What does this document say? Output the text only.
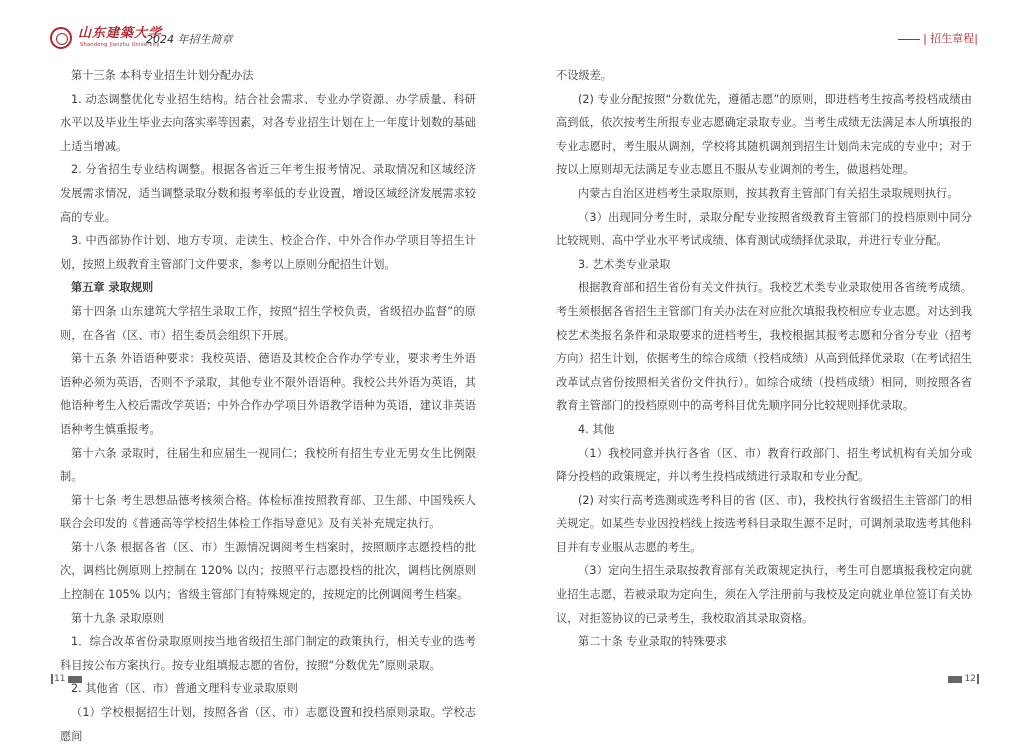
山东建築大学
Shandong Jianzhu University
2024 年招生简章	| 招生章程|

第十三条 本科专业招生计划分配办法

1. 动态调整优化专业招生结构。结合社会需求、专业办学资源、办学质量、科研水平以及毕业生毕业去向落实率等因素，对各专业招生计划在上一年度计划数的基础上适当增减。

2. 分省招生专业结构调整。根据各省近三年考生报考情况、录取情况和区域经济发展需求情况，适当调整录取分数和报考率低的专业设置，增设区域经济发展需求较高的专业。

3. 中西部协作计划、地方专项、走读生、校企合作、中外合作办学项目等招生计划，按照上级教育主管部门文件要求，参考以上原则分配招生计划。

第五章 录取规则

第十四条 山东建筑大学招生录取工作，按照“招生学校负责，省级招办监督”的原则，在各省（区、市）招生委员会组织下开展。

第十五条 外语语种要求：我校英语、德语及其校企合作办学专业，要求考生外语语种必须为英语，否则不予录取，其他专业不限外语语种。我校公共外语为英语，其他语种考生入校后需改学英语；中外合作办学项目外语教学语种为英语，建议非英语语种考生慎重报考。

第十六条 录取时，往届生和应届生一视同仁；我校所有招生专业无男女生比例限制。

第十七条 考生思想品德考核须合格。体检标准按照教育部、卫生部、中国残疾人联合会印发的《普通高等学校招生体检工作指导意见》及有关补充规定执行。

第十八条 根据各省（区、市）生源情况调阅考生档案时，按照顺序志愿投档的批次，调档比例原则上控制在 120% 以内；按照平行志愿投档的批次，调档比例原则上控制在 105% 以内；省级主管部门有特殊规定的，按规定的比例调阅考生档案。

第十九条 录取原则

1．综合改革省份录取原则按当地省级招生部门制定的政策执行，相关专业的选考科目按公布方案执行。按专业组填报志愿的省份，按照“分数优先”原则录取。

2. 其他省（区、市）普通文理科专业录取原则

（1）学校根据招生计划，按照各省（区、市）志愿设置和投档原则录取。学校志愿间

不设级差。

(2) 专业分配按照“分数优先，遵循志愿”的原则，即进档考生按高考投档成绩由高到低，依次按考生所报专业志愿确定录取专业。当考生成绩无法满足本人所填报的专业志愿时，考生服从调剂，学校将其随机调剂到招生计划尚未完成的专业中；对于按以上原则却无法满足专业志愿且不服从专业调剂的考生，做退档处理。

内蒙古自治区进档考生录取原则，按其教育主管部门有关招生录取规则执行。

（3）出现同分考生时，录取分配专业按照省级教育主管部门的投档原则中同分比较规则、高中学业水平考试成绩、体育测试成绩择优录取，并进行专业分配。

3. 艺术类专业录取

根据教育部和招生省份有关文件执行。我校艺术类专业录取使用各省统考成绩。考生须根据各省招生主管部门有关办法在对应批次填报我校相应专业志愿。对达到我校艺术类报名条件和录取要求的进档考生，我校根据其报考志愿和分省分专业（招考方向）招生计划，依据考生的综合成绩（投档成绩）从高到低择优录取（在考试招生改革试点省份按照相关省份文件执行）。如综合成绩（投档成绩）相同，则按照各省教育主管部门的投档原则中的高考科目优先顺序同分比较规则择优录取。

4. 其他

（1）我校同意并执行各省（区、市）教育行政部门、招生考试机构有关加分或降分投档的政策规定，并以考生投档成绩进行录取和专业分配。

(2) 对实行高考选测或选考科目的省 (区、市)，我校执行省级招生主管部门的相关规定。如某些专业因投档线上按选考科目录取生源不足时，可调剂录取选考其他科目并有专业服从志愿的考生。

（3）定向生招生录取按教育部有关政策规定执行，考生可自愿填报我校定向就业招生志愿，若被录取为定向生，须在入学注册前与我校及定向就业单位签订有关协议，对拒签协议的已录考生，我校取消其录取资格。

第二十条 专业录取的特殊要求

11	12
